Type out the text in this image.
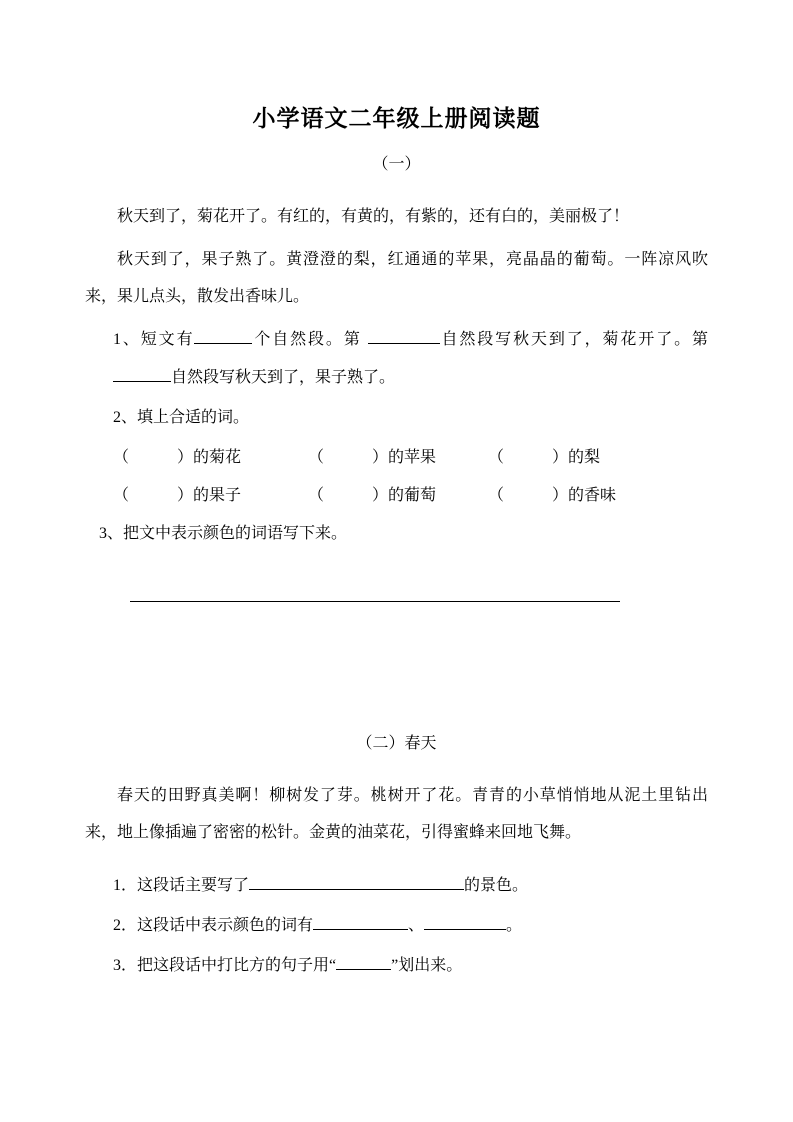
小学语文二年级上册阅读题
（一）
秋天到了，菊花开了。有红的，有黄的，有紫的，还有白的，美丽极了！
秋天到了，果子熟了。黄澄澄的梨，红通通的苹果，亮晶晶的葡萄。一阵凉风吹来，果儿点头，散发出香味儿。
1、短文有	个自然段。第	自然段写秋天到了，菊花开了。第自然段写秋天到了，果子熟了。
2、填上合适的词。
（　　　）的菊花	（　　　）的苹果	（　　　）的梨
（　　　）的果子	（　　　）的葡萄	（　　　）的香味
3、把文中表示颜色的词语写下来。
（二）春天
春天的田野真美啊！柳树发了芽。桃树开了花。青青的小草悄悄地从泥土里钻出来，地上像插遍了密密的松针。金黄的油菜花，引得蜜蜂来回地飞舞。
1．这段话主要写了	的景色。
2．这段话中表示颜色的词有	、	。
3．把这段话中打比方的句子用“	”划出来。
